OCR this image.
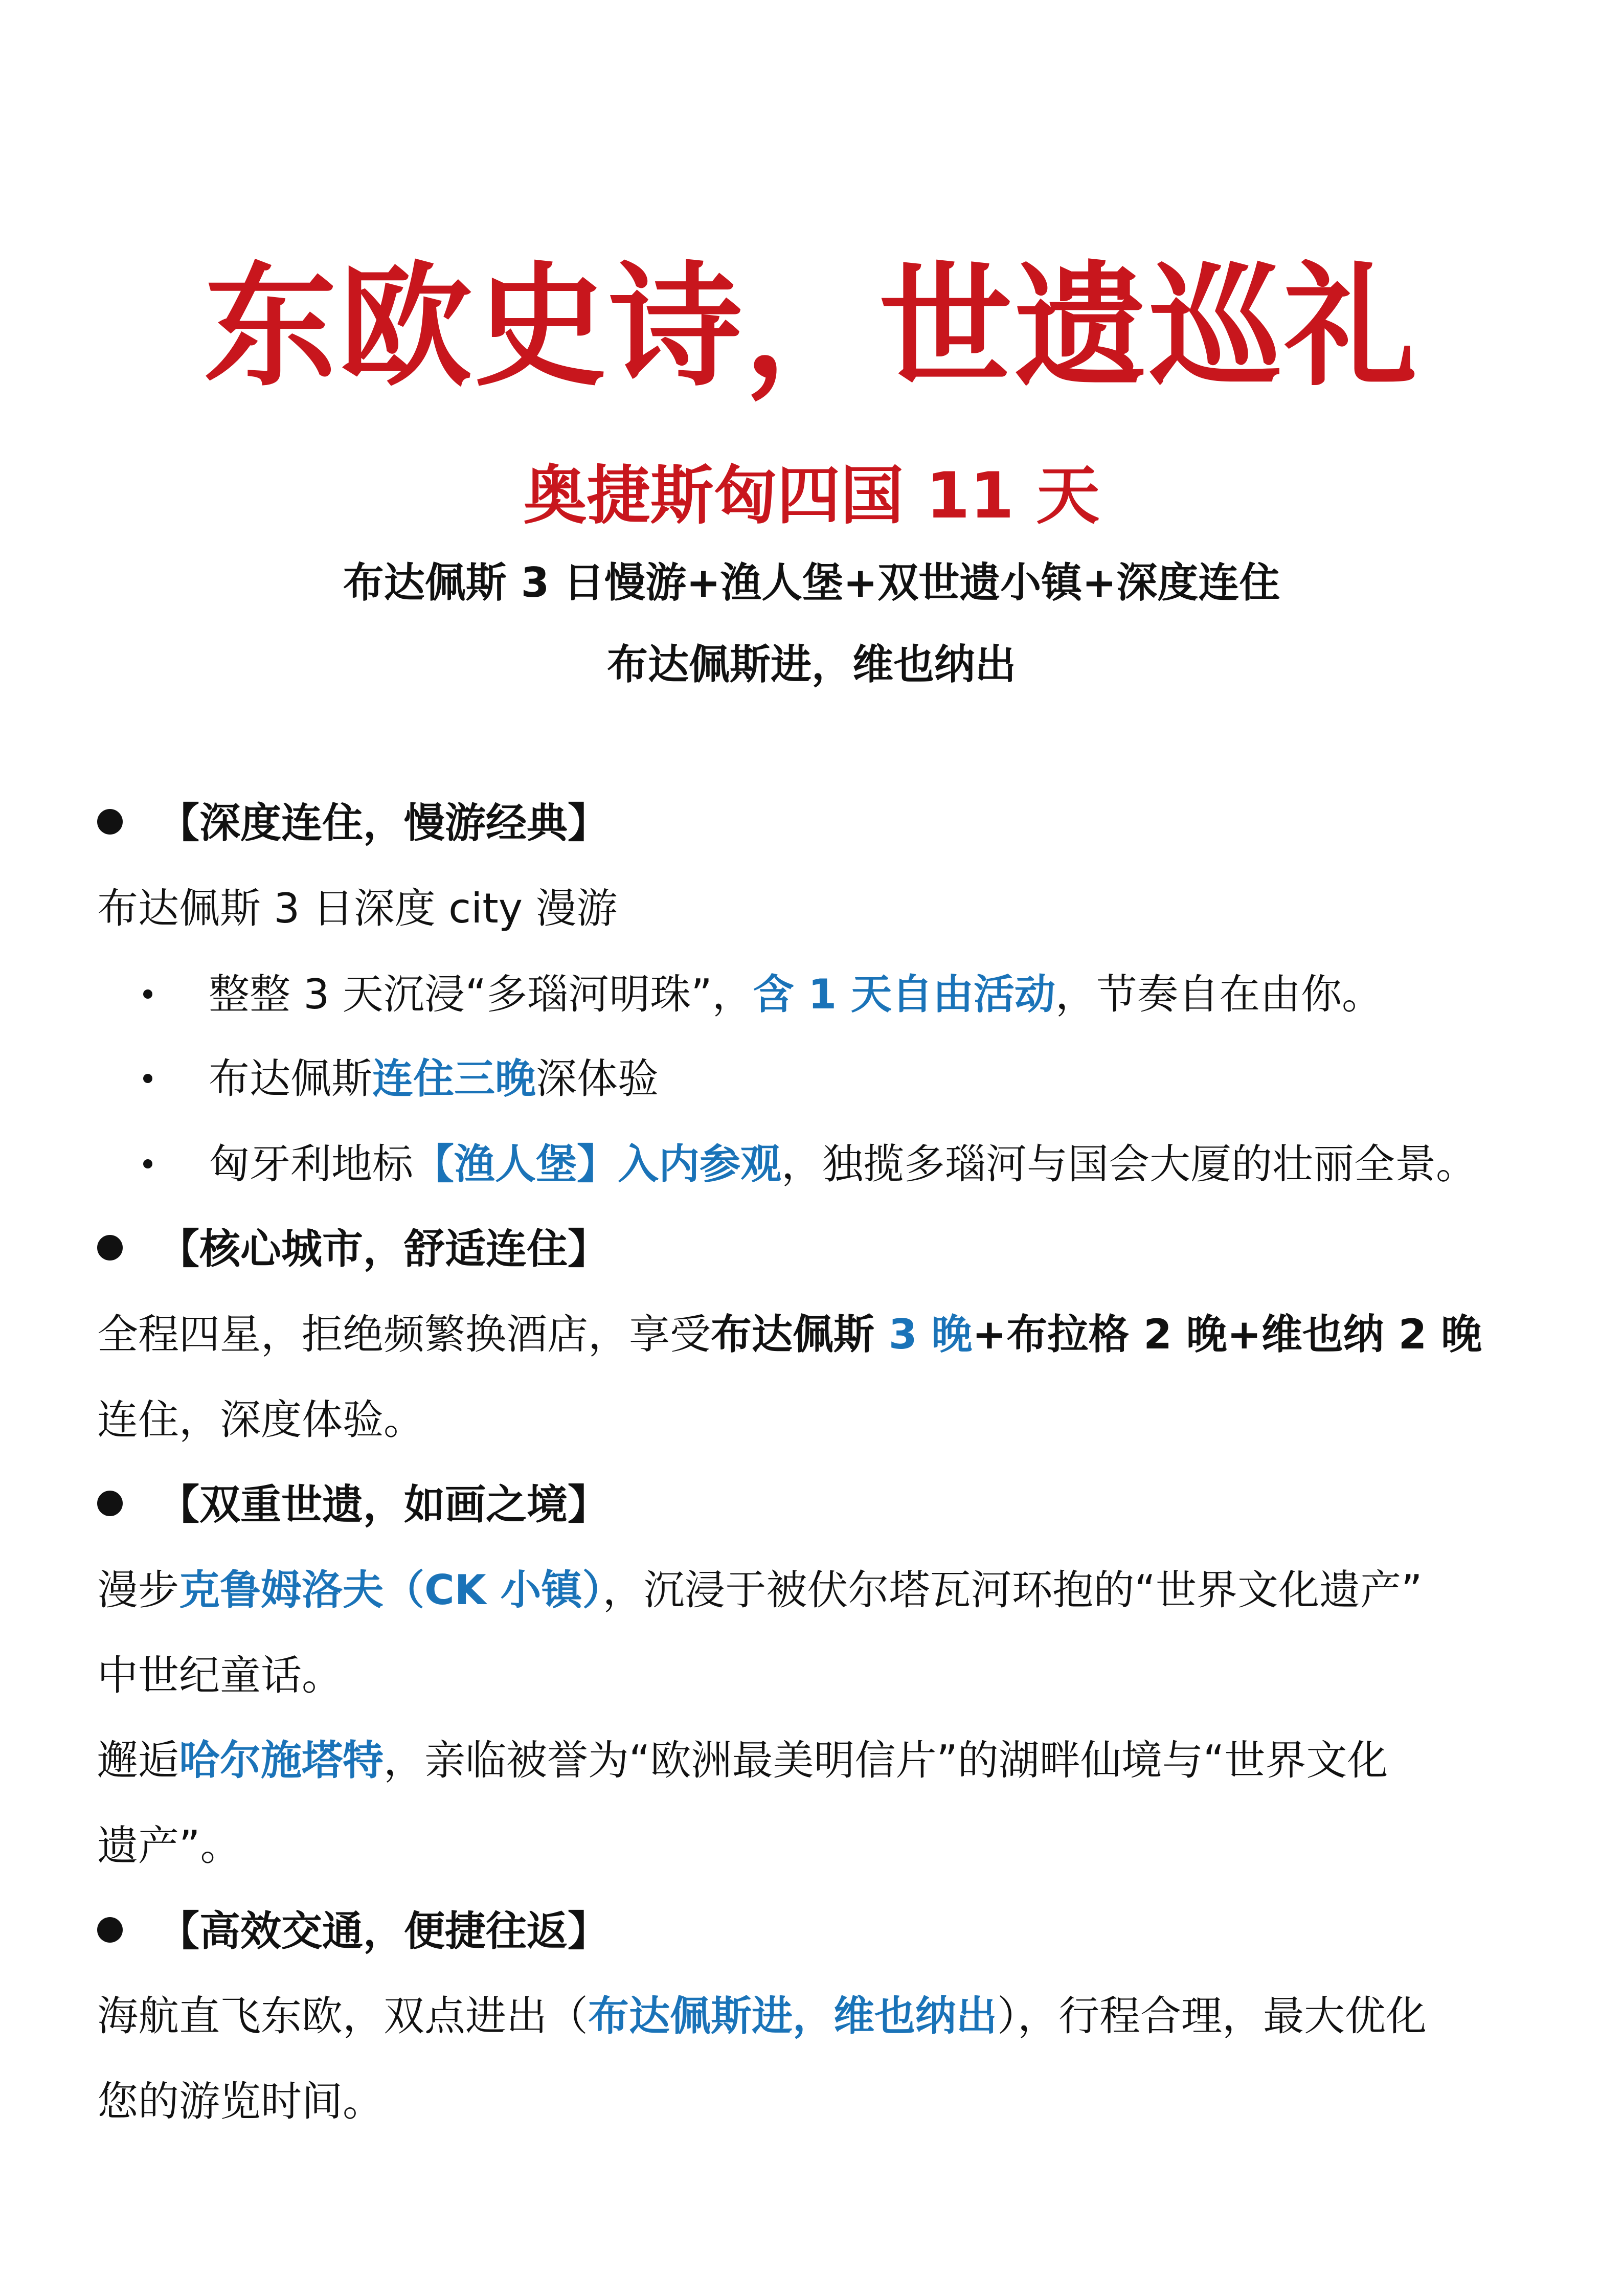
东欧史诗，世遗巡礼
奥捷斯匈四国 11 天
布达佩斯 3 日慢游+渔人堡+双世遗小镇+深度连住
布达佩斯进，维也纳出
【深度连住，慢游经典】
布达佩斯 3 日深度 city 漫游
整整 3 天沉浸“多瑙河明珠”，含 1 天自由活动，节奏自在由你。
布达佩斯连住三晚深体验
匈牙利地标【渔人堡】入内参观，独揽多瑙河与国会大厦的壮丽全景。
【核心城市，舒适连住】
全程四星，拒绝频繁换酒店，享受布达佩斯 3 晚+布拉格 2 晚+维也纳 2 晚
连住，深度体验。
【双重世遗，如画之境】
漫步克鲁姆洛夫（CK 小镇），沉浸于被伏尔塔瓦河环抱的“世界文化遗产”
中世纪童话。
邂逅哈尔施塔特，亲临被誉为“欧洲最美明信片”的湖畔仙境与“世界文化
遗产”。
【高效交通，便捷往返】
海航直飞东欧，双点进出（布达佩斯进，维也纳出），行程合理，最大优化
您的游览时间。
